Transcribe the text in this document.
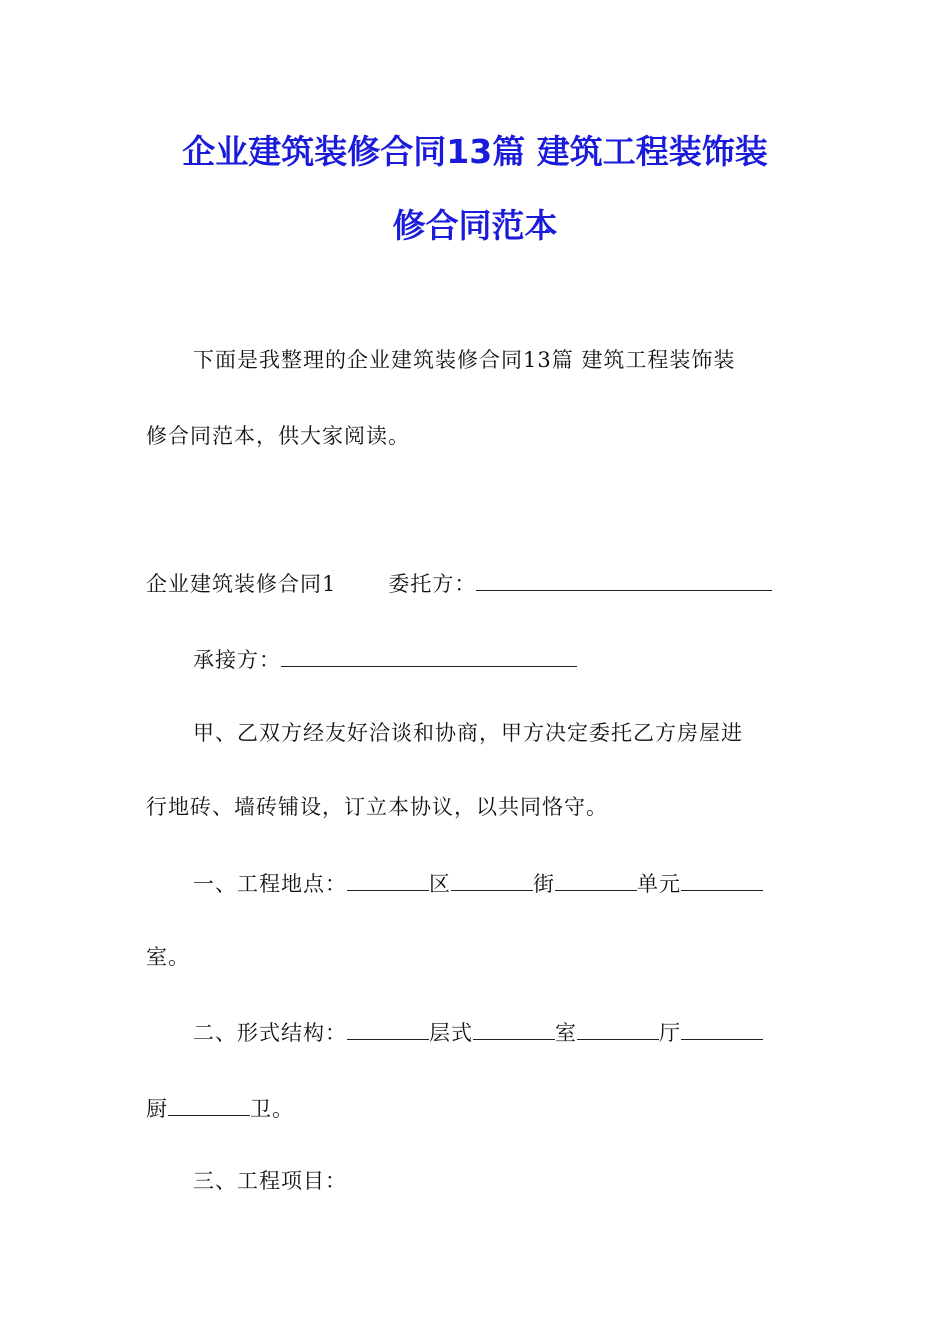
企业建筑装修合同13篇 建筑工程装饰装
修合同范本
下面是我整理的企业建筑装修合同13篇 建筑工程装饰装
修合同范本，供大家阅读。
企业建筑装修合同1 委托方：
承接方：
甲、乙双方经友好洽谈和协商，甲方决定委托乙方房屋进
行地砖、墙砖铺设，订立本协议，以共同恪守。
一、工程地点：	区	街	单元
室。
二、形式结构：	层式	室	厅
厨	卫。
三、工程项目：
